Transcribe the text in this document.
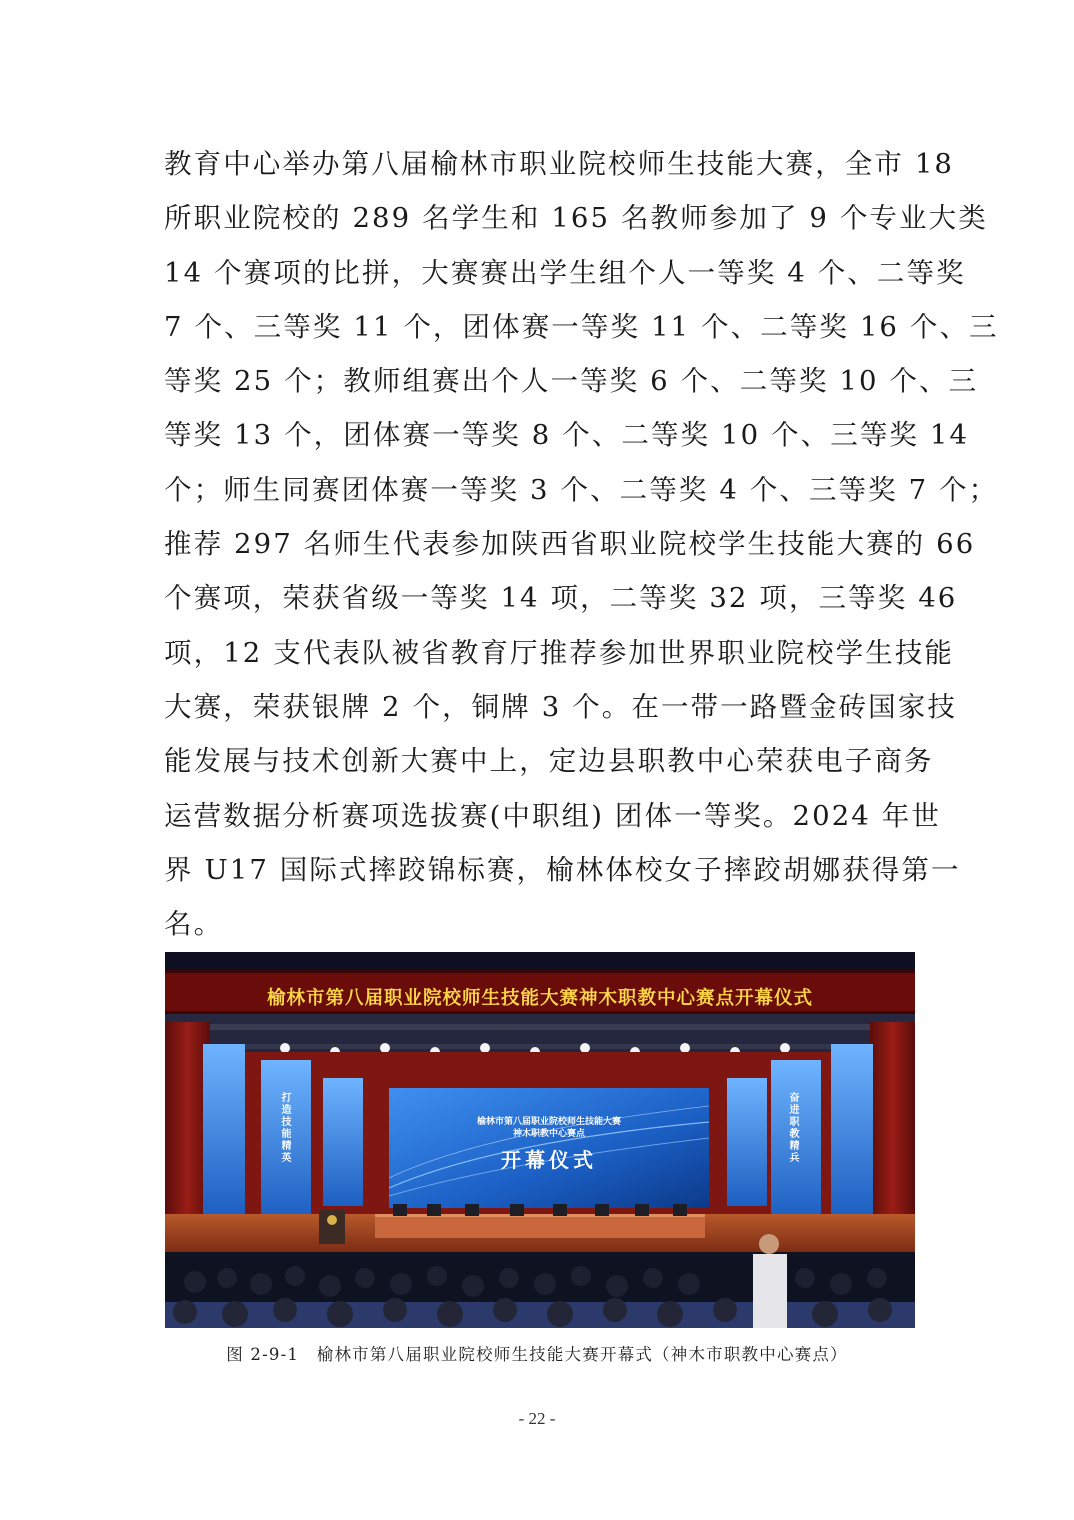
教育中心举办第八届榆林市职业院校师生技能大赛，全市 18
所职业院校的 289 名学生和 165 名教师参加了 9 个专业大类
14 个赛项的比拼，大赛赛出学生组个人一等奖 4 个、二等奖
7 个、三等奖 11 个，团体赛一等奖 11 个、二等奖 16 个、三
等奖 25 个；教师组赛出个人一等奖 6 个、二等奖 10 个、三
等奖 13 个，团体赛一等奖 8 个、二等奖 10 个、三等奖 14
个；师生同赛团体赛一等奖 3 个、二等奖 4 个、三等奖 7 个；
推荐 297 名师生代表参加陕西省职业院校学生技能大赛的 66
个赛项，荣获省级一等奖 14 项，二等奖 32 项，三等奖 46
项，12 支代表队被省教育厅推荐参加世界职业院校学生技能
大赛，荣获银牌 2 个，铜牌 3 个。在一带一路暨金砖国家技
能发展与技术创新大赛中上，定边县职教中心荣获电子商务
运营数据分析赛项选拔赛(中职组) 团体一等奖。2024 年世
界 U17 国际式摔跤锦标赛，榆林体校女子摔跤胡娜获得第一
名。
榆林市第八届职业院校师生技能大赛神木职教中心赛点开幕仪式
榆林市第八届职业院校师生技能大赛
神木职教中心赛点
开幕仪式
打造技能精英	奋进职教精兵
图 2-9-1　榆林市第八届职业院校师生技能大赛开幕式（神木市职教中心赛点）
- 22 -
